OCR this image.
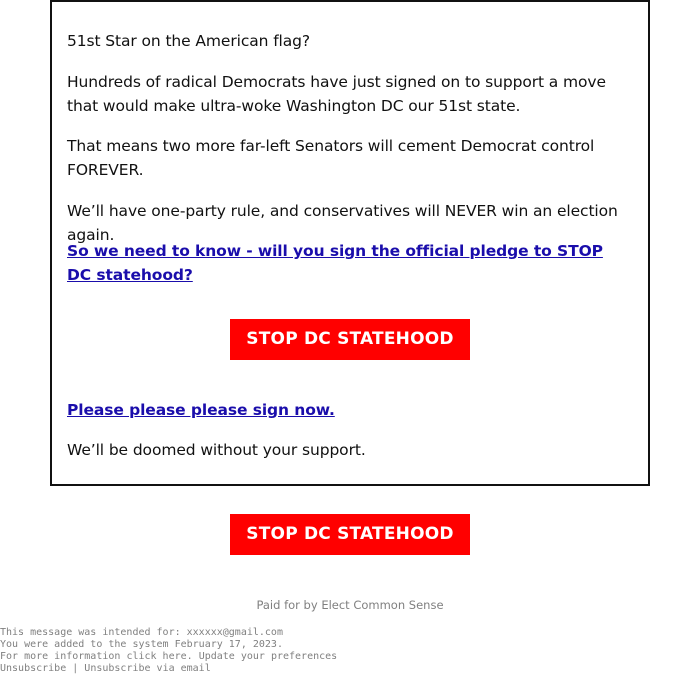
51st Star on the American flag?

Hundreds of radical Democrats have just signed on to support a move that would make ultra-woke Washington DC our 51st state.

That means two more far-left Senators will cement Democrat control FOREVER.

We’ll have one-party rule, and conservatives will NEVER win an election again.

So we need to know - will you sign the official pledge to STOP DC statehood?
STOP DC STATEHOOD
Please please please sign now.

We’ll be doomed without your support.

STOP DC STATEHOOD
Paid for by Elect Common Sense
This message was intended for: xxxxxx@gmail.com
You were added to the system February 17, 2023.
For more information click here. Update your preferences
Unsubscribe | Unsubscribe via email
